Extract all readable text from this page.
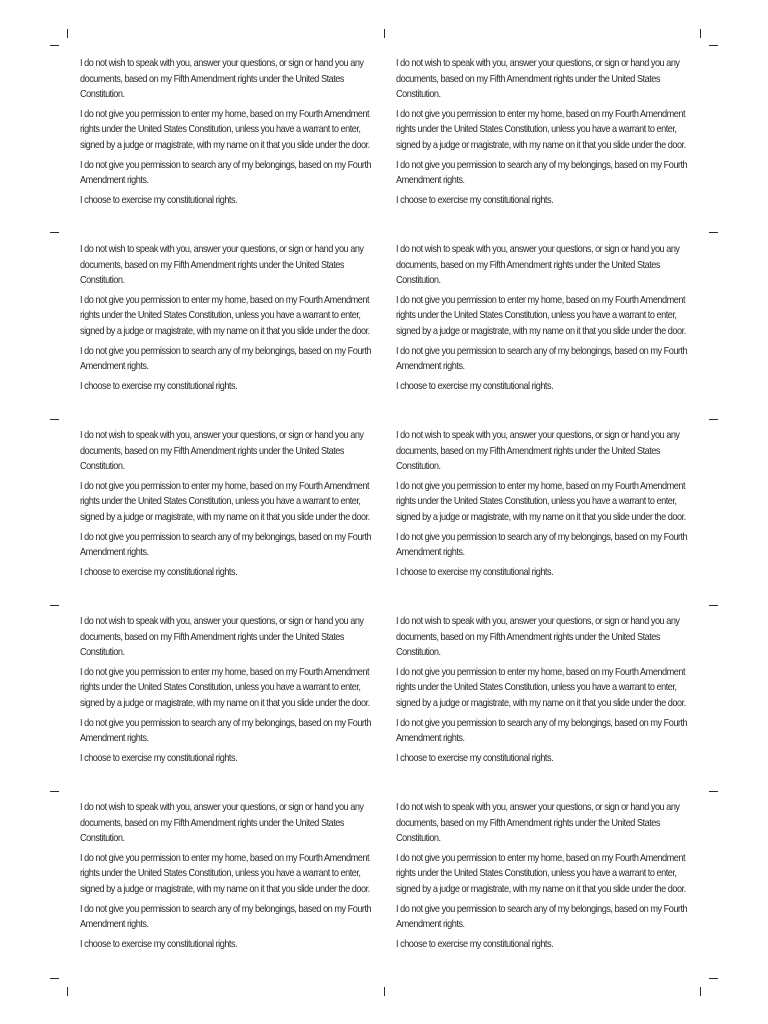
I do not wish to speak with you, answer your questions, or sign or hand you any documents, based on my Fifth Amendment rights under the United States Constitution.

I do not give you permission to enter my home, based on my Fourth Amendment rights under the United States Constitution, unless you have a warrant to enter, signed by a judge or magistrate, with my name on it that you slide under the door.

I do not give you permission to search any of my belongings, based on my Fourth Amendment rights.

I choose to exercise my constitutional rights.

I do not wish to speak with you, answer your questions, or sign or hand you any documents, based on my Fifth Amendment rights under the United States Constitution.

I do not give you permission to enter my home, based on my Fourth Amendment rights under the United States Constitution, unless you have a warrant to enter, signed by a judge or magistrate, with my name on it that you slide under the door.

I do not give you permission to search any of my belongings, based on my Fourth Amendment rights.

I choose to exercise my constitutional rights.

I do not wish to speak with you, answer your questions, or sign or hand you any documents, based on my Fifth Amendment rights under the United States Constitution.

I do not give you permission to enter my home, based on my Fourth Amendment rights under the United States Constitution, unless you have a warrant to enter, signed by a judge or magistrate, with my name on it that you slide under the door.

I do not give you permission to search any of my belongings, based on my Fourth Amendment rights.

I choose to exercise my constitutional rights.

I do not wish to speak with you, answer your questions, or sign or hand you any documents, based on my Fifth Amendment rights under the United States Constitution.

I do not give you permission to enter my home, based on my Fourth Amendment rights under the United States Constitution, unless you have a warrant to enter, signed by a judge or magistrate, with my name on it that you slide under the door.

I do not give you permission to search any of my belongings, based on my Fourth Amendment rights.

I choose to exercise my constitutional rights.

I do not wish to speak with you, answer your questions, or sign or hand you any documents, based on my Fifth Amendment rights under the United States Constitution.

I do not give you permission to enter my home, based on my Fourth Amendment rights under the United States Constitution, unless you have a warrant to enter, signed by a judge or magistrate, with my name on it that you slide under the door.

I do not give you permission to search any of my belongings, based on my Fourth Amendment rights.

I choose to exercise my constitutional rights.

I do not wish to speak with you, answer your questions, or sign or hand you any documents, based on my Fifth Amendment rights under the United States Constitution.

I do not give you permission to enter my home, based on my Fourth Amendment rights under the United States Constitution, unless you have a warrant to enter, signed by a judge or magistrate, with my name on it that you slide under the door.

I do not give you permission to search any of my belongings, based on my Fourth Amendment rights.

I choose to exercise my constitutional rights.

I do not wish to speak with you, answer your questions, or sign or hand you any documents, based on my Fifth Amendment rights under the United States Constitution.

I do not give you permission to enter my home, based on my Fourth Amendment rights under the United States Constitution, unless you have a warrant to enter, signed by a judge or magistrate, with my name on it that you slide under the door.

I do not give you permission to search any of my belongings, based on my Fourth Amendment rights.

I choose to exercise my constitutional rights.

I do not wish to speak with you, answer your questions, or sign or hand you any documents, based on my Fifth Amendment rights under the United States Constitution.

I do not give you permission to enter my home, based on my Fourth Amendment rights under the United States Constitution, unless you have a warrant to enter, signed by a judge or magistrate, with my name on it that you slide under the door.

I do not give you permission to search any of my belongings, based on my Fourth Amendment rights.

I choose to exercise my constitutional rights.

I do not wish to speak with you, answer your questions, or sign or hand you any documents, based on my Fifth Amendment rights under the United States Constitution.

I do not give you permission to enter my home, based on my Fourth Amendment rights under the United States Constitution, unless you have a warrant to enter, signed by a judge or magistrate, with my name on it that you slide under the door.

I do not give you permission to search any of my belongings, based on my Fourth Amendment rights.

I choose to exercise my constitutional rights.

I do not wish to speak with you, answer your questions, or sign or hand you any documents, based on my Fifth Amendment rights under the United States Constitution.

I do not give you permission to enter my home, based on my Fourth Amendment rights under the United States Constitution, unless you have a warrant to enter, signed by a judge or magistrate, with my name on it that you slide under the door.

I do not give you permission to search any of my belongings, based on my Fourth Amendment rights.

I choose to exercise my constitutional rights.
